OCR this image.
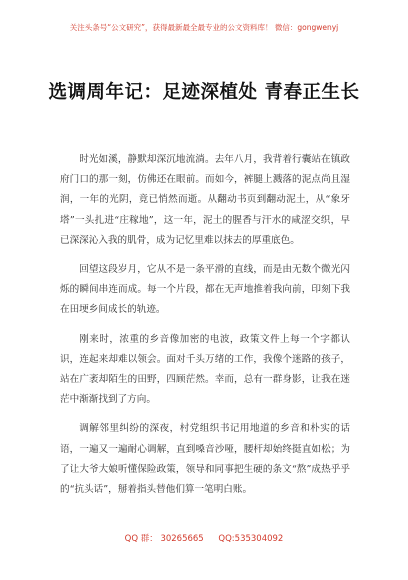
关注头条号“公文研究”，获得最新最全最专业的公文资料库！ 微信：gongwenyj

选调周年记：足迹深植处 青春正生长

时光如溪，静默却深沉地流淌。去年八月，我背着行囊站在镇政府门口的那一刻，仿佛还在眼前。而如今，裤腿上溅落的泥点尚且湿润，一年的光阴，竟已悄然而逝。从翻动书页到翻动泥土，从“象牙塔”一头扎进“庄稼地”，这一年，泥土的腥香与汗水的咸涩交织，早已深深沁入我的肌骨，成为记忆里难以抹去的厚重底色。

回望这段岁月，它从不是一条平滑的直线，而是由无数个微光闪烁的瞬间串连而成。每一个片段，都在无声地推着我向前，印刻下我在田埂乡间成长的轨迹。

刚来时，浓重的乡音像加密的电波，政策文件上每一个字都认识，连起来却难以领会。面对千头万绪的工作，我像个迷路的孩子，站在广袤却陌生的田野，四顾茫然。幸而，总有一群身影，让我在迷茫中渐渐找到了方向。

调解邻里纠纷的深夜，村党组织书记用地道的乡音和朴实的话语，一遍又一遍耐心调解，直到嗓音沙哑，腰杆却始终挺直如松；为了让大爷大娘听懂保险政策，领导和同事把生硬的条文“熬”成热乎乎的“抗头话”，掰着指头替他们算一笔明白账。

QQ 群： 30265665 QQ:535304092
